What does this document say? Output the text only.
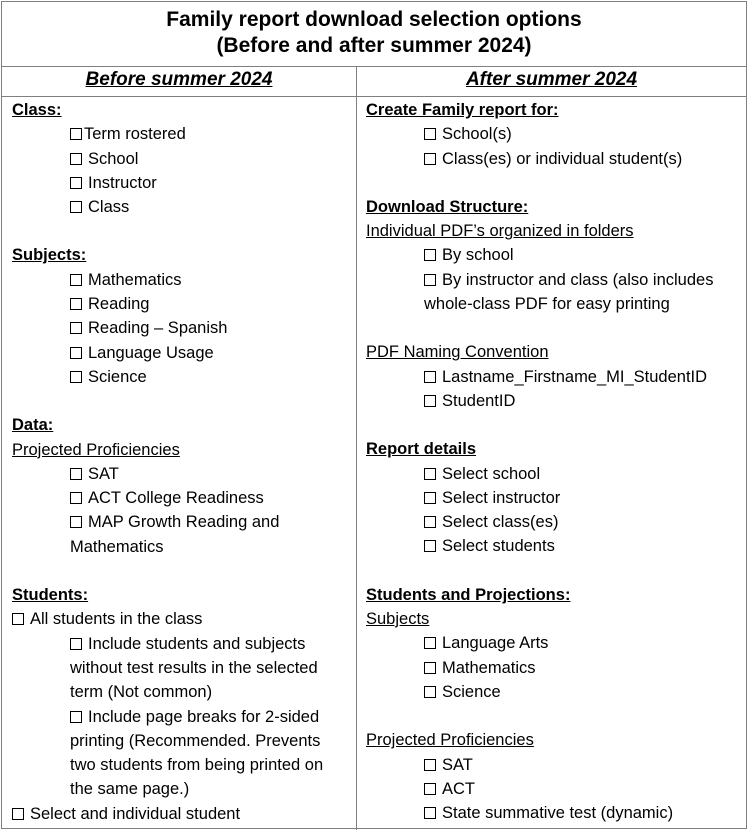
Family report download selection options
(Before and after summer 2024)
Before summer 2024	After summer 2024
Class:
Term rostered
School
Instructor
Class
Subjects:
Mathematics
Reading
Reading – Spanish
Language Usage
Science
Data:
Projected Proficiencies
SAT
ACT College Readiness
MAP Growth Reading and Mathematics
Students:
All students in the class
Include students and subjects without test results in the selected term (Not common)
Include page breaks for 2-sided printing (Recommended. Prevents two students from being printed on the same page.)
Select and individual student
Create Family report for:
School(s)
Class(es) or individual student(s)
Download Structure:
Individual PDF’s organized in folders
By school
By instructor and class (also includes whole-class PDF for easy printing
PDF Naming Convention
Lastname_Firstname_MI_StudentID
StudentID
Report details
Select school
Select instructor
Select class(es)
Select students
Students and Projections:
Subjects
Language Arts
Mathematics
Science
Projected Proficiencies
SAT
ACT
State summative test (dynamic)
